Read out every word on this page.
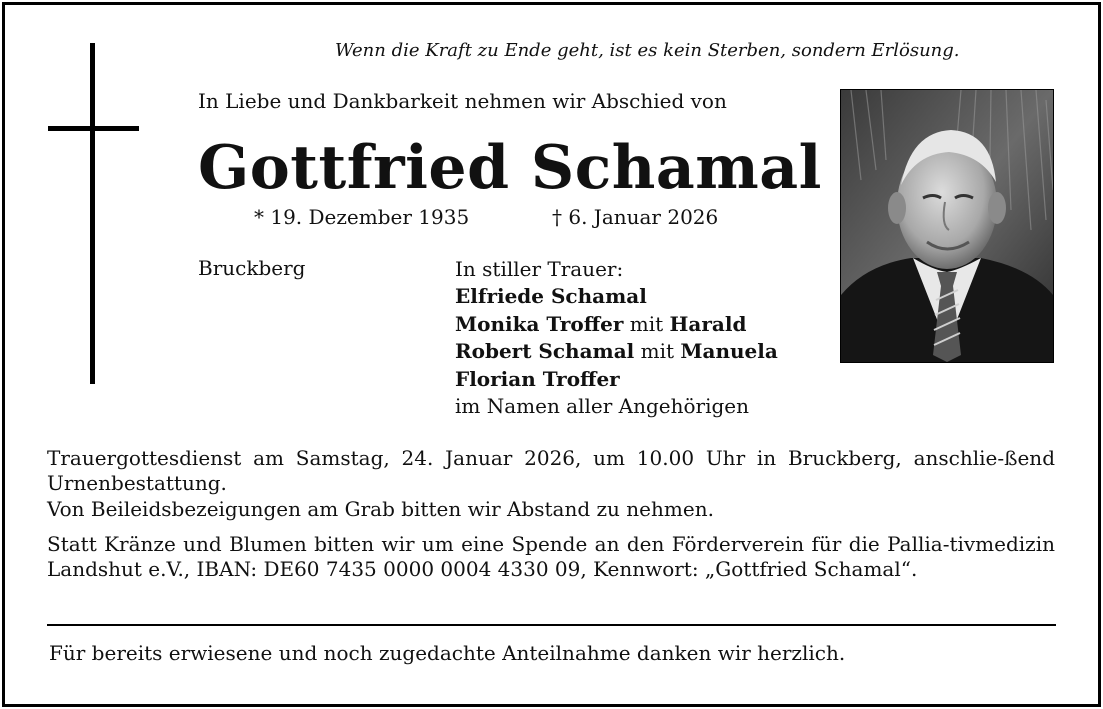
Wenn die Kraft zu Ende geht, ist es kein Sterben, sondern Erlösung.
In Liebe und Dankbarkeit nehmen wir Abschied von
Gottfried Schamal
* 19. Dezember 1935	† 6. Januar 2026
Bruckberg	In stiller Trauer:
Elfriede Schamal
Monika Troffer mit Harald
Robert Schamal mit Manuela
Florian Troffer
im Namen aller Angehörigen
Trauergottesdienst am Samstag, 24. Januar 2026, um 10.00 Uhr in Bruckberg, anschlie-ßend Urnenbestattung.
Von Beileidsbezeigungen am Grab bitten wir Abstand zu nehmen.
Statt Kränze und Blumen bitten wir um eine Spende an den Förderverein für die Pallia-tivmedizin Landshut e.V., IBAN: DE60 7435 0000 0004 4330 09, Kennwort: „Gottfried Schamal“.
Für bereits erwiesene und noch zugedachte Anteilnahme danken wir herzlich.
